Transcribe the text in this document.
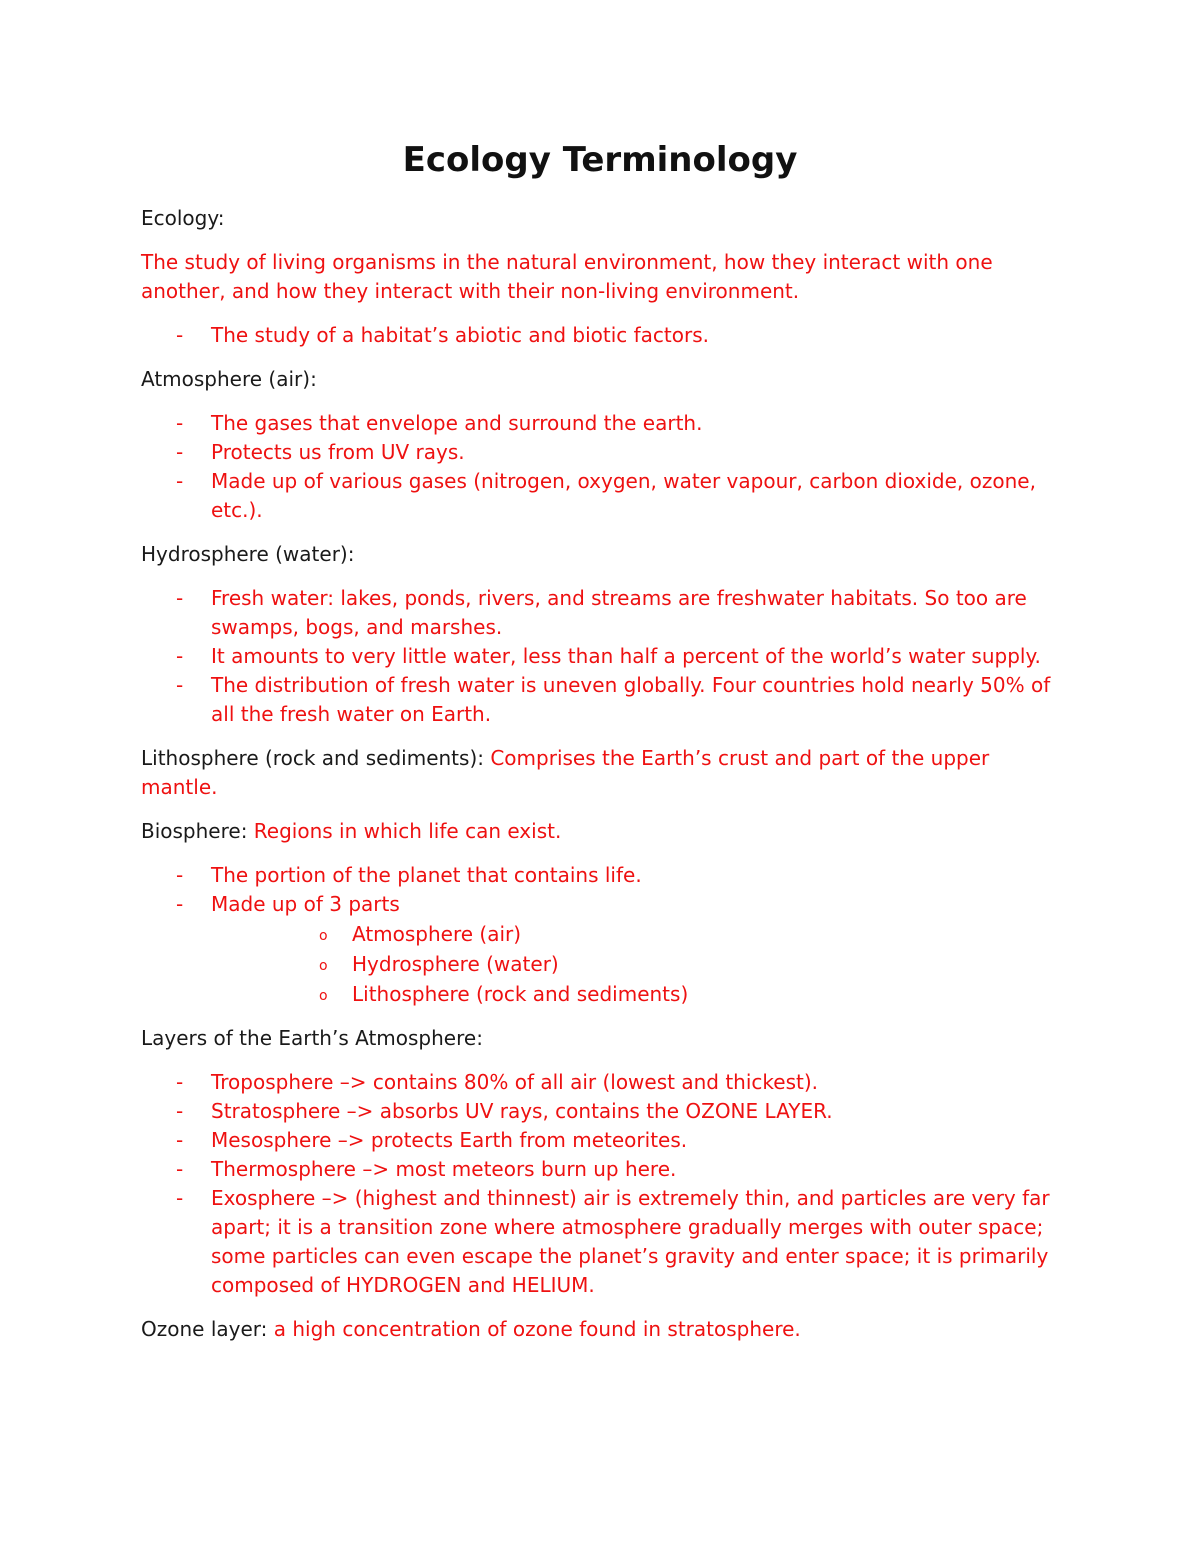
Ecology Terminology

Ecology:

The study of living organisms in the natural environment, how they interact with one another, and how they interact with their non-living environment.

- The study of a habitat’s abiotic and biotic factors.

Atmosphere (air):

- The gases that envelope and surround the earth.
- Protects us from UV rays.
- Made up of various gases (nitrogen, oxygen, water vapour, carbon dioxide, ozone, etc.).

Hydrosphere (water):

- Fresh water: lakes, ponds, rivers, and streams are freshwater habitats. So too are swamps, bogs, and marshes.
- It amounts to very little water, less than half a percent of the world’s water supply.
- The distribution of fresh water is uneven globally. Four countries hold nearly 50% of all the fresh water on Earth.

Lithosphere (rock and sediments): Comprises the Earth’s crust and part of the upper mantle.

Biosphere: Regions in which life can exist.

- The portion of the planet that contains life.
- Made up of 3 parts
o Atmosphere (air)
o Hydrosphere (water)
o Lithosphere (rock and sediments)

Layers of the Earth’s Atmosphere:

- Troposphere –> contains 80% of all air (lowest and thickest).
- Stratosphere –> absorbs UV rays, contains the OZONE LAYER.
- Mesosphere –> protects Earth from meteorites.
- Thermosphere –> most meteors burn up here.
- Exosphere –> (highest and thinnest) air is extremely thin, and particles are very far apart; it is a transition zone where atmosphere gradually merges with outer space; some particles can even escape the planet’s gravity and enter space; it is primarily composed of HYDROGEN and HELIUM.

Ozone layer: a high concentration of ozone found in stratosphere.
